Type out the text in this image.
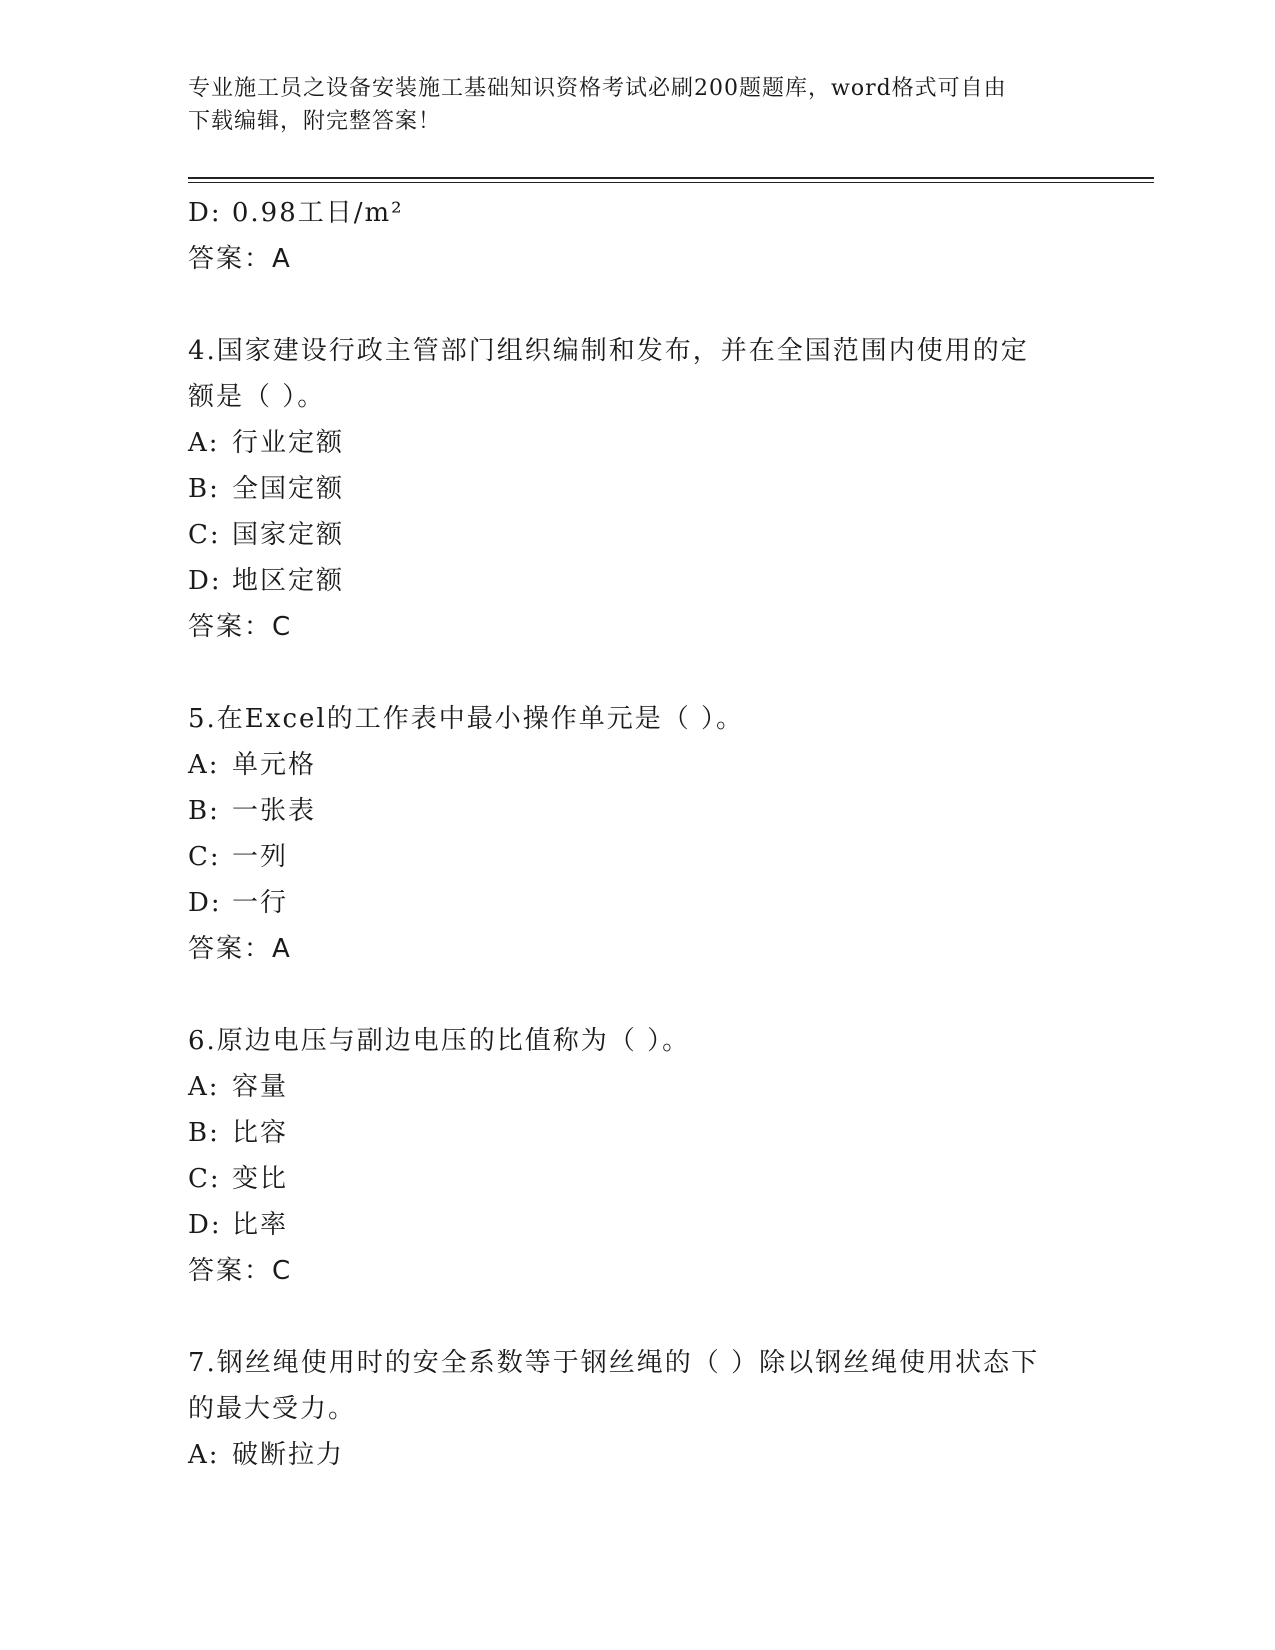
专业施工员之设备安装施工基础知识资格考试必刷200题题库，word格式可自由
下载编辑，附完整答案！
D: 0.98工日/m²
答案：A
4.国家建设行政主管部门组织编制和发布，并在全国范围内使用的定
额是（ ）。
A: 行业定额
B: 全国定额
C: 国家定额
D: 地区定额
答案：C
5.在Excel的工作表中最小操作单元是（ ）。
A: 单元格
B: 一张表
C: 一列
D: 一行
答案：A
6.原边电压与副边电压的比值称为（ ）。
A: 容量
B: 比容
C: 变比
D: 比率
答案：C
7.钢丝绳使用时的安全系数等于钢丝绳的（ ）除以钢丝绳使用状态下
的最大受力。
A: 破断拉力
